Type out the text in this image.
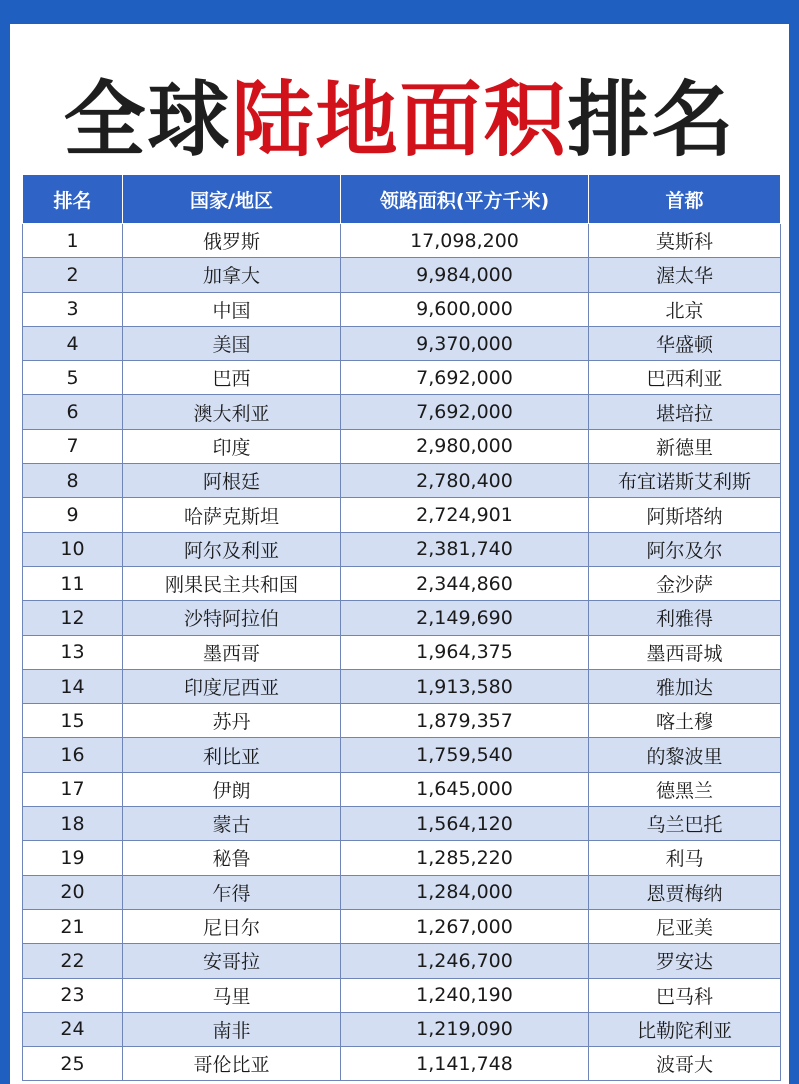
全球陆地面积排名
排名	国家/地区	领路面积(平方千米)	首都
1	俄罗斯	17,098,200	莫斯科
2	加拿大	9,984,000	渥太华
3	中国	9,600,000	北京
4	美国	9,370,000	华盛顿
5	巴西	7,692,000	巴西利亚
6	澳大利亚	7,692,000	堪培拉
7	印度	2,980,000	新德里
8	阿根廷	2,780,400	布宜诺斯艾利斯
9	哈萨克斯坦	2,724,901	阿斯塔纳
10	阿尔及利亚	2,381,740	阿尔及尔
11	刚果民主共和国	2,344,860	金沙萨
12	沙特阿拉伯	2,149,690	利雅得
13	墨西哥	1,964,375	墨西哥城
14	印度尼西亚	1,913,580	雅加达
15	苏丹	1,879,357	喀土穆
16	利比亚	1,759,540	的黎波里
17	伊朗	1,645,000	德黑兰
18	蒙古	1,564,120	乌兰巴托
19	秘鲁	1,285,220	利马
20	乍得	1,284,000	恩贾梅纳
21	尼日尔	1,267,000	尼亚美
22	安哥拉	1,246,700	罗安达
23	马里	1,240,190	巴马科
24	南非	1,219,090	比勒陀利亚
25	哥伦比亚	1,141,748	波哥大
